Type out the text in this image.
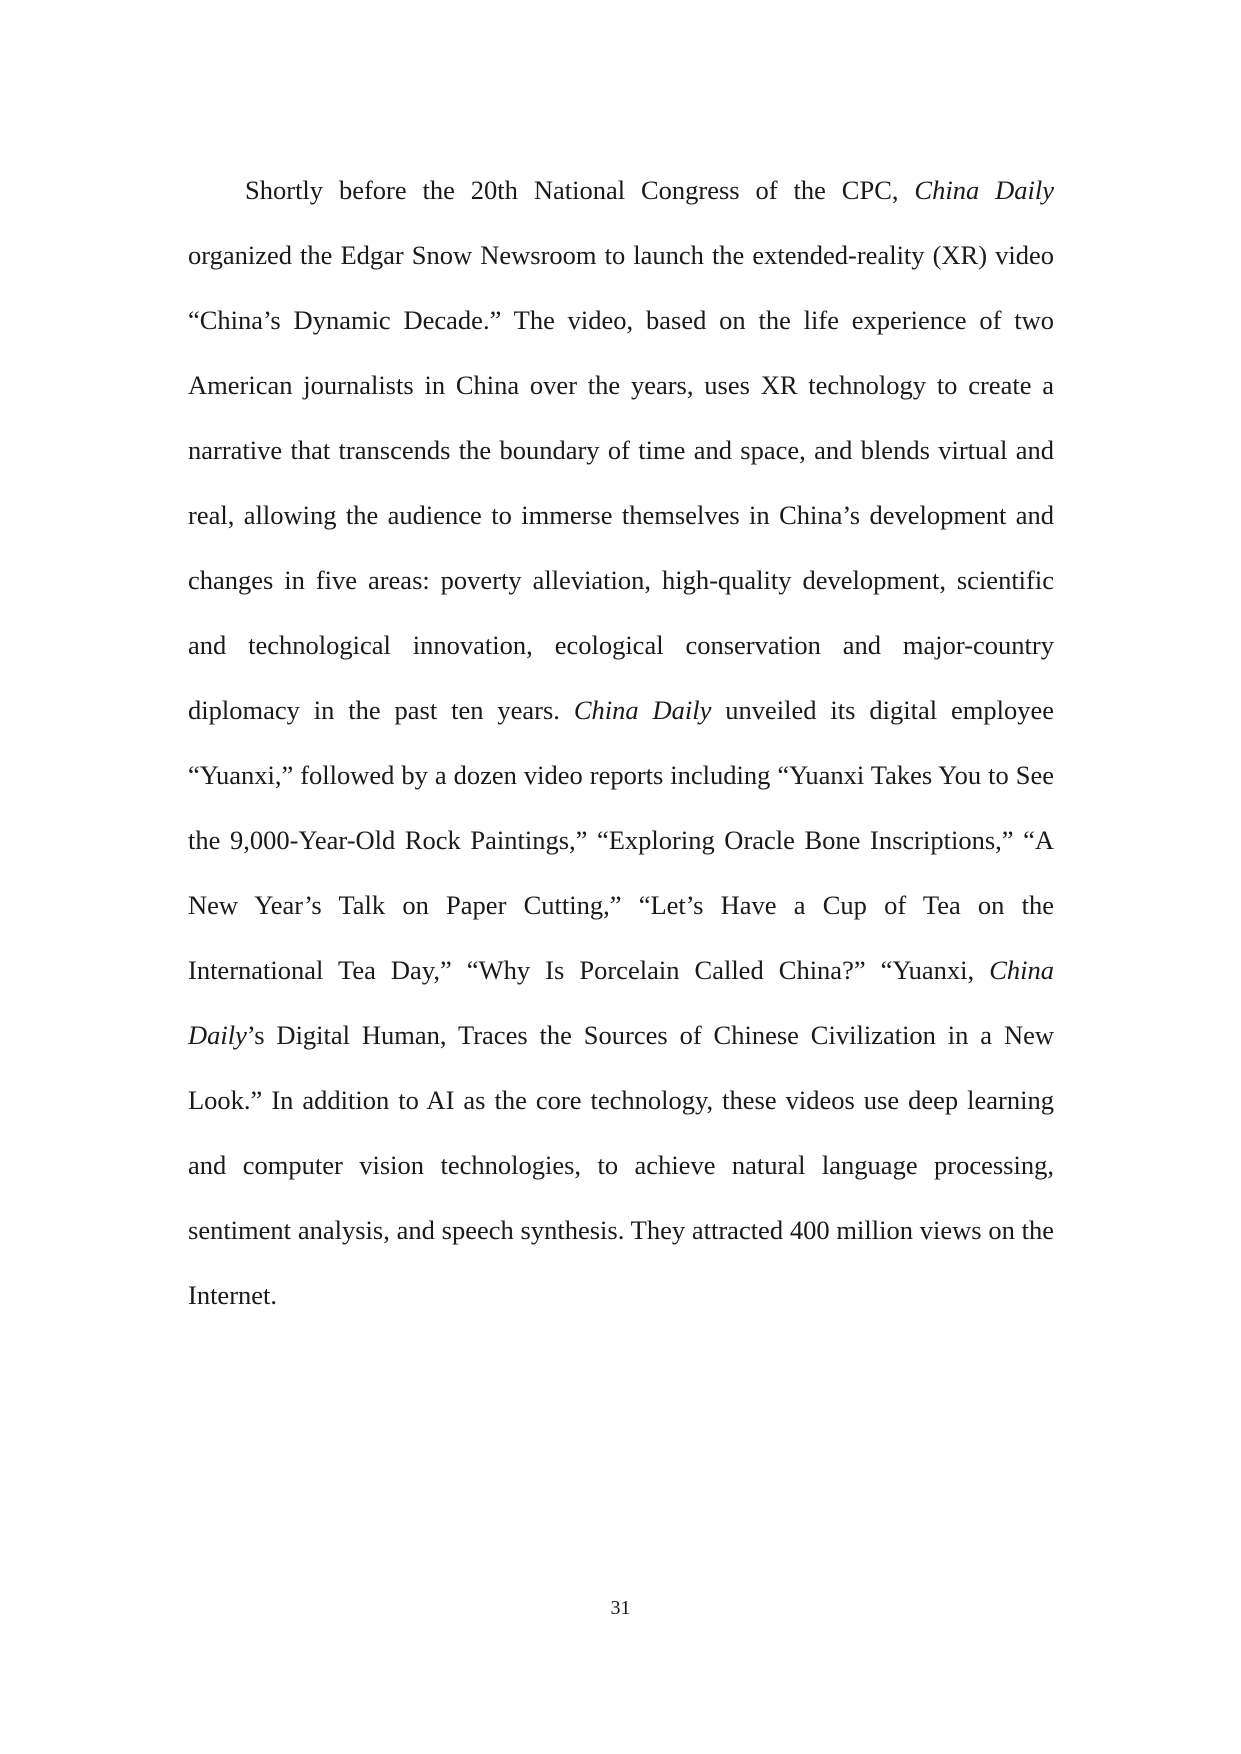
Shortly before the 20th National Congress of the CPC, China Daily organized the Edgar Snow Newsroom to launch the extended-reality (XR) video “China’s Dynamic Decade.” The video, based on the life experience of two American journalists in China over the years, uses XR technology to create a narrative that transcends the boundary of time and space, and blends virtual and real, allowing the audience to immerse themselves in China’s development and changes in five areas: poverty alleviation, high-quality development, scientific and technological innovation, ecological conservation and major-country diplomacy in the past ten years. China Daily unveiled its digital employee “Yuanxi,” followed by a dozen video reports including “Yuanxi Takes You to See the 9,000-Year-Old Rock Paintings,” “Exploring Oracle Bone Inscriptions,” “A New Year’s Talk on Paper Cutting,” “Let’s Have a Cup of Tea on the International Tea Day,” “Why Is Porcelain Called China?” “Yuanxi, China Daily’s Digital Human, Traces the Sources of Chinese Civilization in a New Look.” In addition to AI as the core technology, these videos use deep learning and computer vision technologies, to achieve natural language processing, sentiment analysis, and speech synthesis. They attracted 400 million views on the Internet.

31
